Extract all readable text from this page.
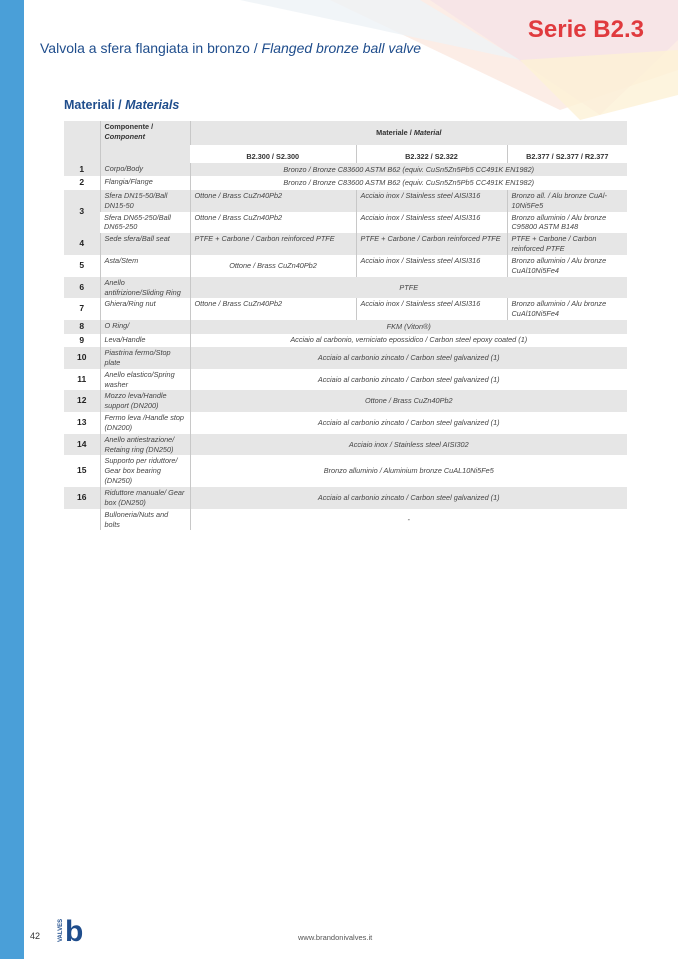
Serie B2.3
Valvola a sfera flangiata in bronzo / Flanged bronze ball valve
Materiali / Materials
	Componente /
Component	Materiale / Material		
		B2.300 / S2.300	B2.322 / S2.322	B2.377 / S2.377 / R2.377
1	Corpo/Body	Bronzo / Bronze C83600 ASTM B62 (equiv. CuSn5Zn5Pb5 CC491K EN1982)		
2	Flangia/Flange	Bronzo / Bronze C83600 ASTM B62 (equiv. CuSn5Zn5Pb5 CC491K EN1982)		
3	Sfera DN15-50/Ball DN15-50	Ottone / Brass CuZn40Pb2	Acciaio inox / Stainless steel AISI316	Bronzo all. / Alu bronze CuAl-10Ni5Fe5
	Sfera DN65-250/Ball DN65-250	Ottone / Brass CuZn40Pb2	Acciaio inox / Stainless steel AISI316	Bronzo alluminio / Alu bronze C95800 ASTM B148
4	Sede sfera/Ball seat	PTFE + Carbone / Carbon reinforced PTFE	PTFE + Carbone / Carbon reinforced PTFE	PTFE + Carbone / Carbon reinforced PTFE
5	Asta/Stem	Ottone / Brass CuZn40Pb2	Acciaio inox / Stainless steel AISI316	Bronzo alluminio / Alu bronze CuAl10Ni5Fe4
6	Anello antifrizione/Sliding Ring	PTFE		
7	Ghiera/Ring nut	Ottone / Brass CuZn40Pb2	Acciaio inox / Stainless steel AISI316	Bronzo alluminio / Alu bronze CuAl10Ni5Fe4
8	O Ring/	FKM (Viton®)		
9	Leva/Handle	Acciaio al carbonio, verniciato epossidico / Carbon steel epoxy coated (1)		
10	Piastrina fermo/Stop plate	Acciaio al carbonio zincato / Carbon steel galvanized (1)		
11	Anello elastico/Spring washer	Acciaio al carbonio zincato / Carbon steel galvanized (1)		
12	Mozzo leva/Handle support (DN200)	Ottone / Brass CuZn40Pb2		
13	Fermo leva /Handle stop (DN200)	Acciaio al carbonio zincato / Carbon steel galvanized (1)		
14	Anello antiestrazione/ Retaing ring (DN250)	Acciaio inox / Stainless steel AISI302		
15	Supporto per riduttore/ Gear box bearing (DN250)	Bronzo alluminio / Aluminium bronze CuAL10Ni5Fe5		
16	Riduttore manuale/ Gear box (DN250)	Acciaio al carbonio zincato / Carbon steel galvanized (1)		
	Bulloneria/Nuts and bolts	-		
42	VALVES b	www.brandonivalves.it
